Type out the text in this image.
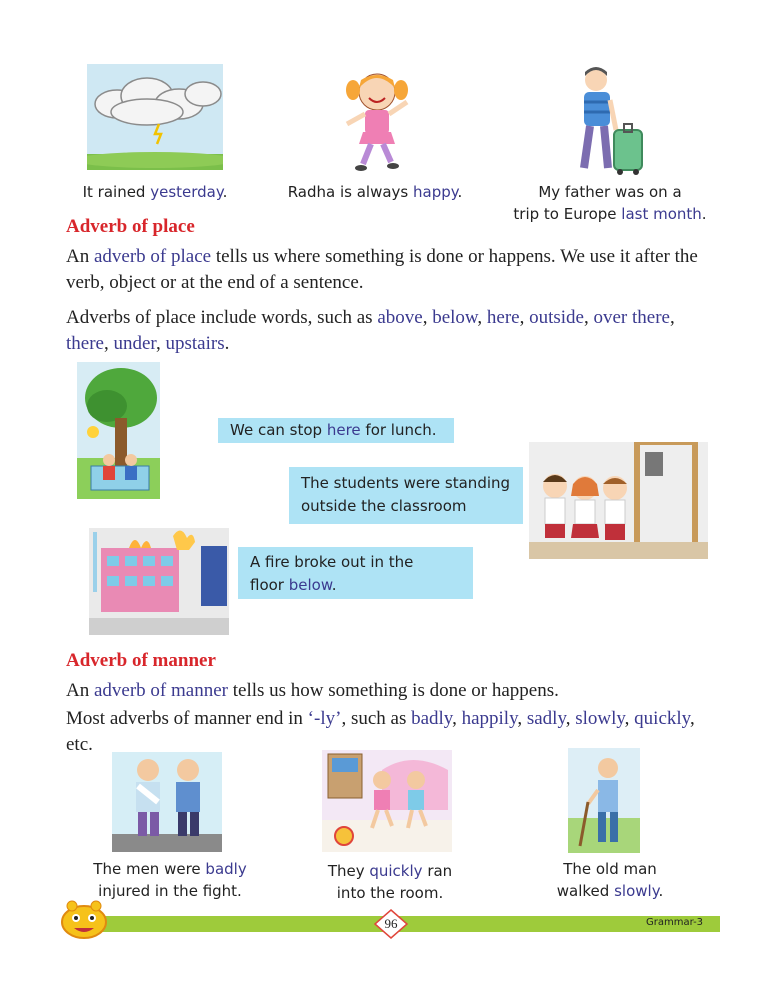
It rained yesterday.	Radha is always happy.	My father was on a
trip to Europe last month.
Adverb of place
An adverb of place tells us where something is done or happens. We use it after the
verb, object or at the end of a sentence.
Adverbs of place include words, such as above, below, here, outside, over there,
there, under, upstairs.
We can stop here for lunch.
The students were standing
outside the classroom
A fire broke out in the
floor below.
Adverb of manner
An adverb of manner tells us how something is done or happens.
Most adverbs of manner end in ‘-ly’, such as badly, happily, sadly, slowly, quickly,
etc.
The men were badly
injured in the fight.
They quickly ran
into the room.
The old man
walked slowly.
96	Grammar-3
